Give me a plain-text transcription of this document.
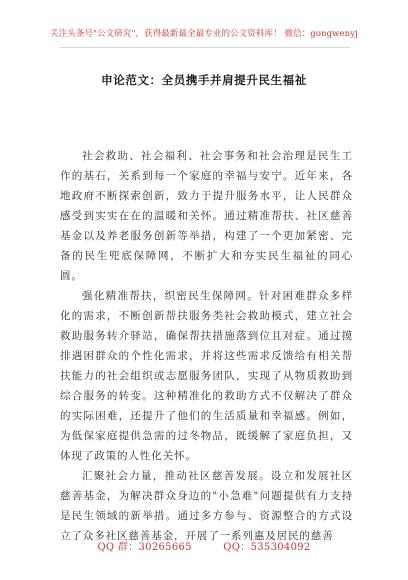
关注头条号"公文研究"，获得最新最全最专业的公文资料库！ 微信：gongwenyj
申论范文：全员携手并肩提升民生福祉

社会救助、社会福利、社会事务和社会治理是民生工作的基石，关系到每一个家庭的幸福与安宁。近年来，各地政府不断探索创新，致力于提升服务水平，让人民群众感受到实实在在的温暖和关怀。通过精准帮扶、社区慈善基金以及养老服务创新等举措，构建了一个更加紧密、完备的民生兜底保障网，不断扩大和夯实民生福祉的同心圆。

强化精准帮扶，织密民生保障网。针对困难群众多样化的需求，不断创新帮扶服务类社会救助模式，建立社会救助服务转介驿站，确保帮扶措施落到位且对症。通过摸排遇困群众的个性化需求，并将这些需求反馈给有相关帮扶能力的社会组织或志愿服务团队，实现了从物质救助到综合服务的转变。这种精准化的救助方式不仅解决了群众的实际困难，还提升了他们的生活质量和幸福感。例如，为低保家庭提供急需的过冬物品，既缓解了家庭负担，又体现了政策的人性化关怀。

汇聚社会力量，推动社区慈善发展。设立和发展社区慈善基金，为解决群众身边的"小急难"问题提供有力支持是民生领域的新举措。通过多方参与、资源整合的方式设立了众多社区慈善基金，开展了一系列惠及居民的慈善

QQ 群：30265665	QQ：535304092
